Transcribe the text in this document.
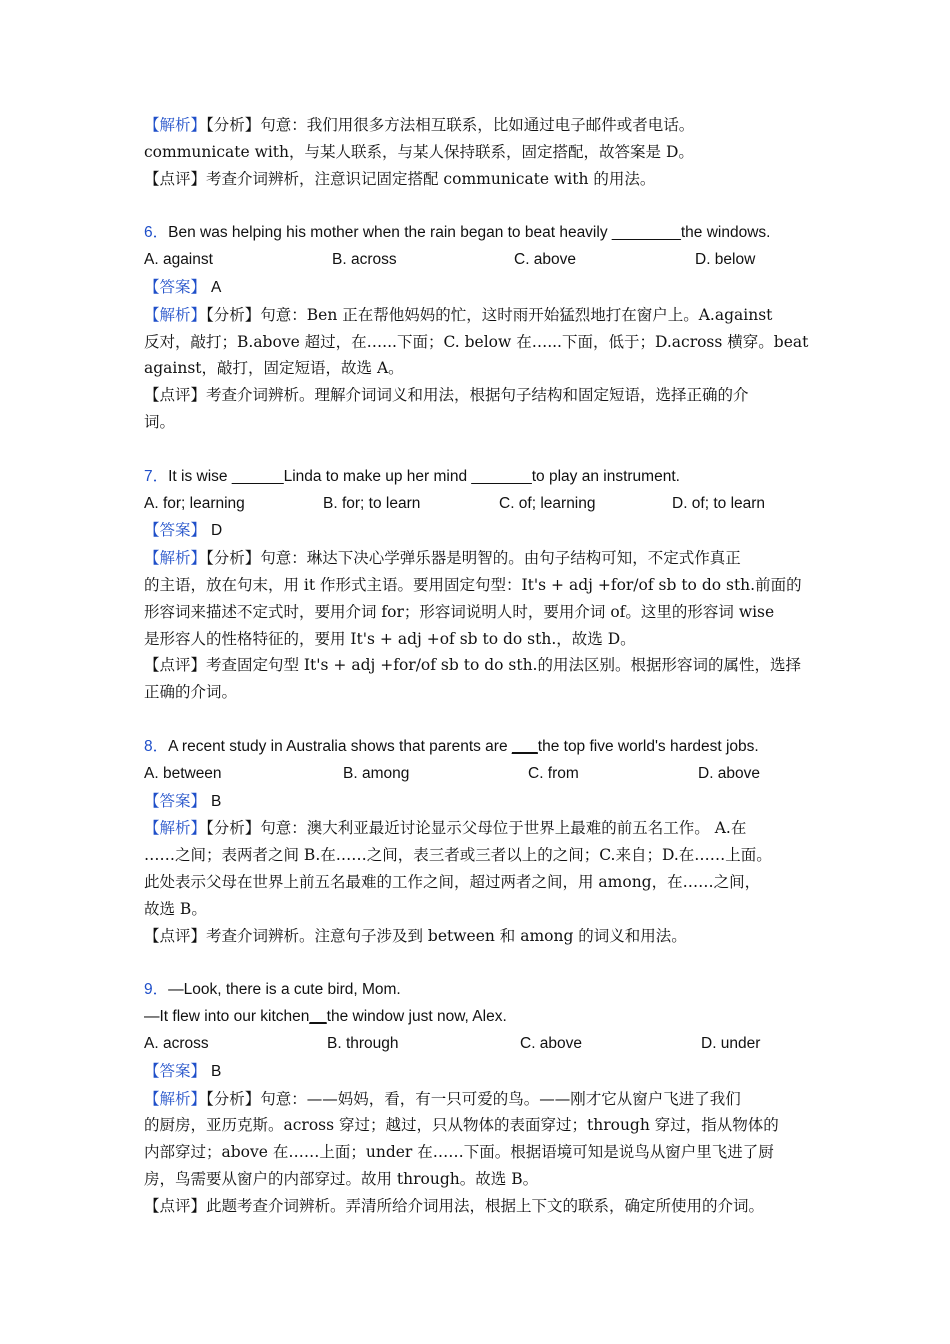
【解析】【分析】句意：我们用很多方法相互联系，比如通过电子邮件或者电话。
communicate with，与某人联系，与某人保持联系，固定搭配，故答案是 D。
【点评】考查介词辨析，注意识记固定搭配 communicate with 的用法。
6．Ben was helping his mother when the rain began to beat heavily ________the windows.
A. against	B. across	C. above	D. below
【答案】 A
【解析】【分析】句意：Ben 正在帮他妈妈的忙，这时雨开始猛烈地打在窗户上。A.against
反对，敲打；B.above 超过，在…...下面；C. below 在…...下面，低于；D.across 横穿。beat
against，敲打，固定短语，故选 A。
【点评】考查介词辨析。理解介词词义和用法，根据句子结构和固定短语，选择正确的介
词。
7．It is wise ______Linda to make up her mind _______to play an instrument.
A. for; learning	B. for; to learn	C. of; learning	D. of; to learn
【答案】 D
【解析】【分析】句意：琳达下决心学弹乐器是明智的。由句子结构可知，不定式作真正
的主语，放在句末，用 it 作形式主语。要用固定句型：It's + adj +for/of sb to do sth.前面的
形容词来描述不定式时，要用介词 for；形容词说明人时，要用介词 of。这里的形容词 wise
是形容人的性格特征的，要用 It's + adj +of sb to do sth.，故选 D。
【点评】考查固定句型 It's + adj +for/of sb to do sth.的用法区别。根据形容词的属性，选择
正确的介词。
8．A recent study in Australia shows that parents are ___the top five world's hardest jobs.
A. between	B. among	C. from	D. above
【答案】 B
【解析】【分析】句意：澳大利亚最近讨论显示父母位于世界上最难的前五名工作。 A.在
……之间；表两者之间 B.在……之间，表三者或三者以上的之间；C.来自；D.在……上面。
此处表示父母在世界上前五名最难的工作之间，超过两者之间，用 among，在……之间，
故选 B。
【点评】考查介词辨析。注意句子涉及到 between 和 among 的词义和用法。
9．—Look, there is a cute bird, Mom.
—It flew into our kitchen__the window just now, Alex.
A. across	B. through	C. above	D. under
【答案】 B
【解析】【分析】句意：——妈妈，看，有一只可爱的鸟。——刚才它从窗户飞进了我们
的厨房，亚历克斯。across 穿过；越过，只从物体的表面穿过；through 穿过，指从物体的
内部穿过；above 在……上面；under 在……下面。根据语境可知是说鸟从窗户里飞进了厨
房，鸟需要从窗户的内部穿过。故用 through。故选 B。
【点评】此题考查介词辨析。弄清所给介词用法，根据上下文的联系，确定所使用的介词。
